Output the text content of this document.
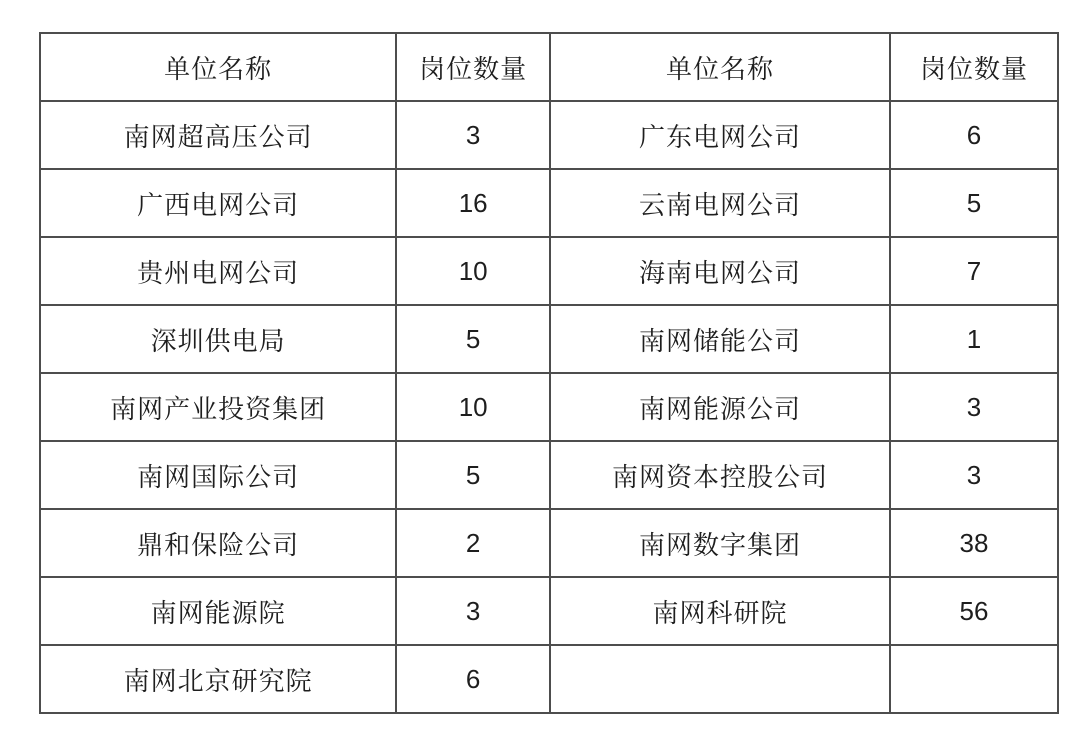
单位名称	岗位数量	单位名称	岗位数量
南网超高压公司	3	广东电网公司	6
广西电网公司	16	云南电网公司	5
贵州电网公司	10	海南电网公司	7
深圳供电局	5	南网储能公司	1
南网产业投资集团	10	南网能源公司	3
南网国际公司	5	南网资本控股公司	3
鼎和保险公司	2	南网数字集团	38
南网能源院	3	南网科研院	56
南网北京研究院	6		
